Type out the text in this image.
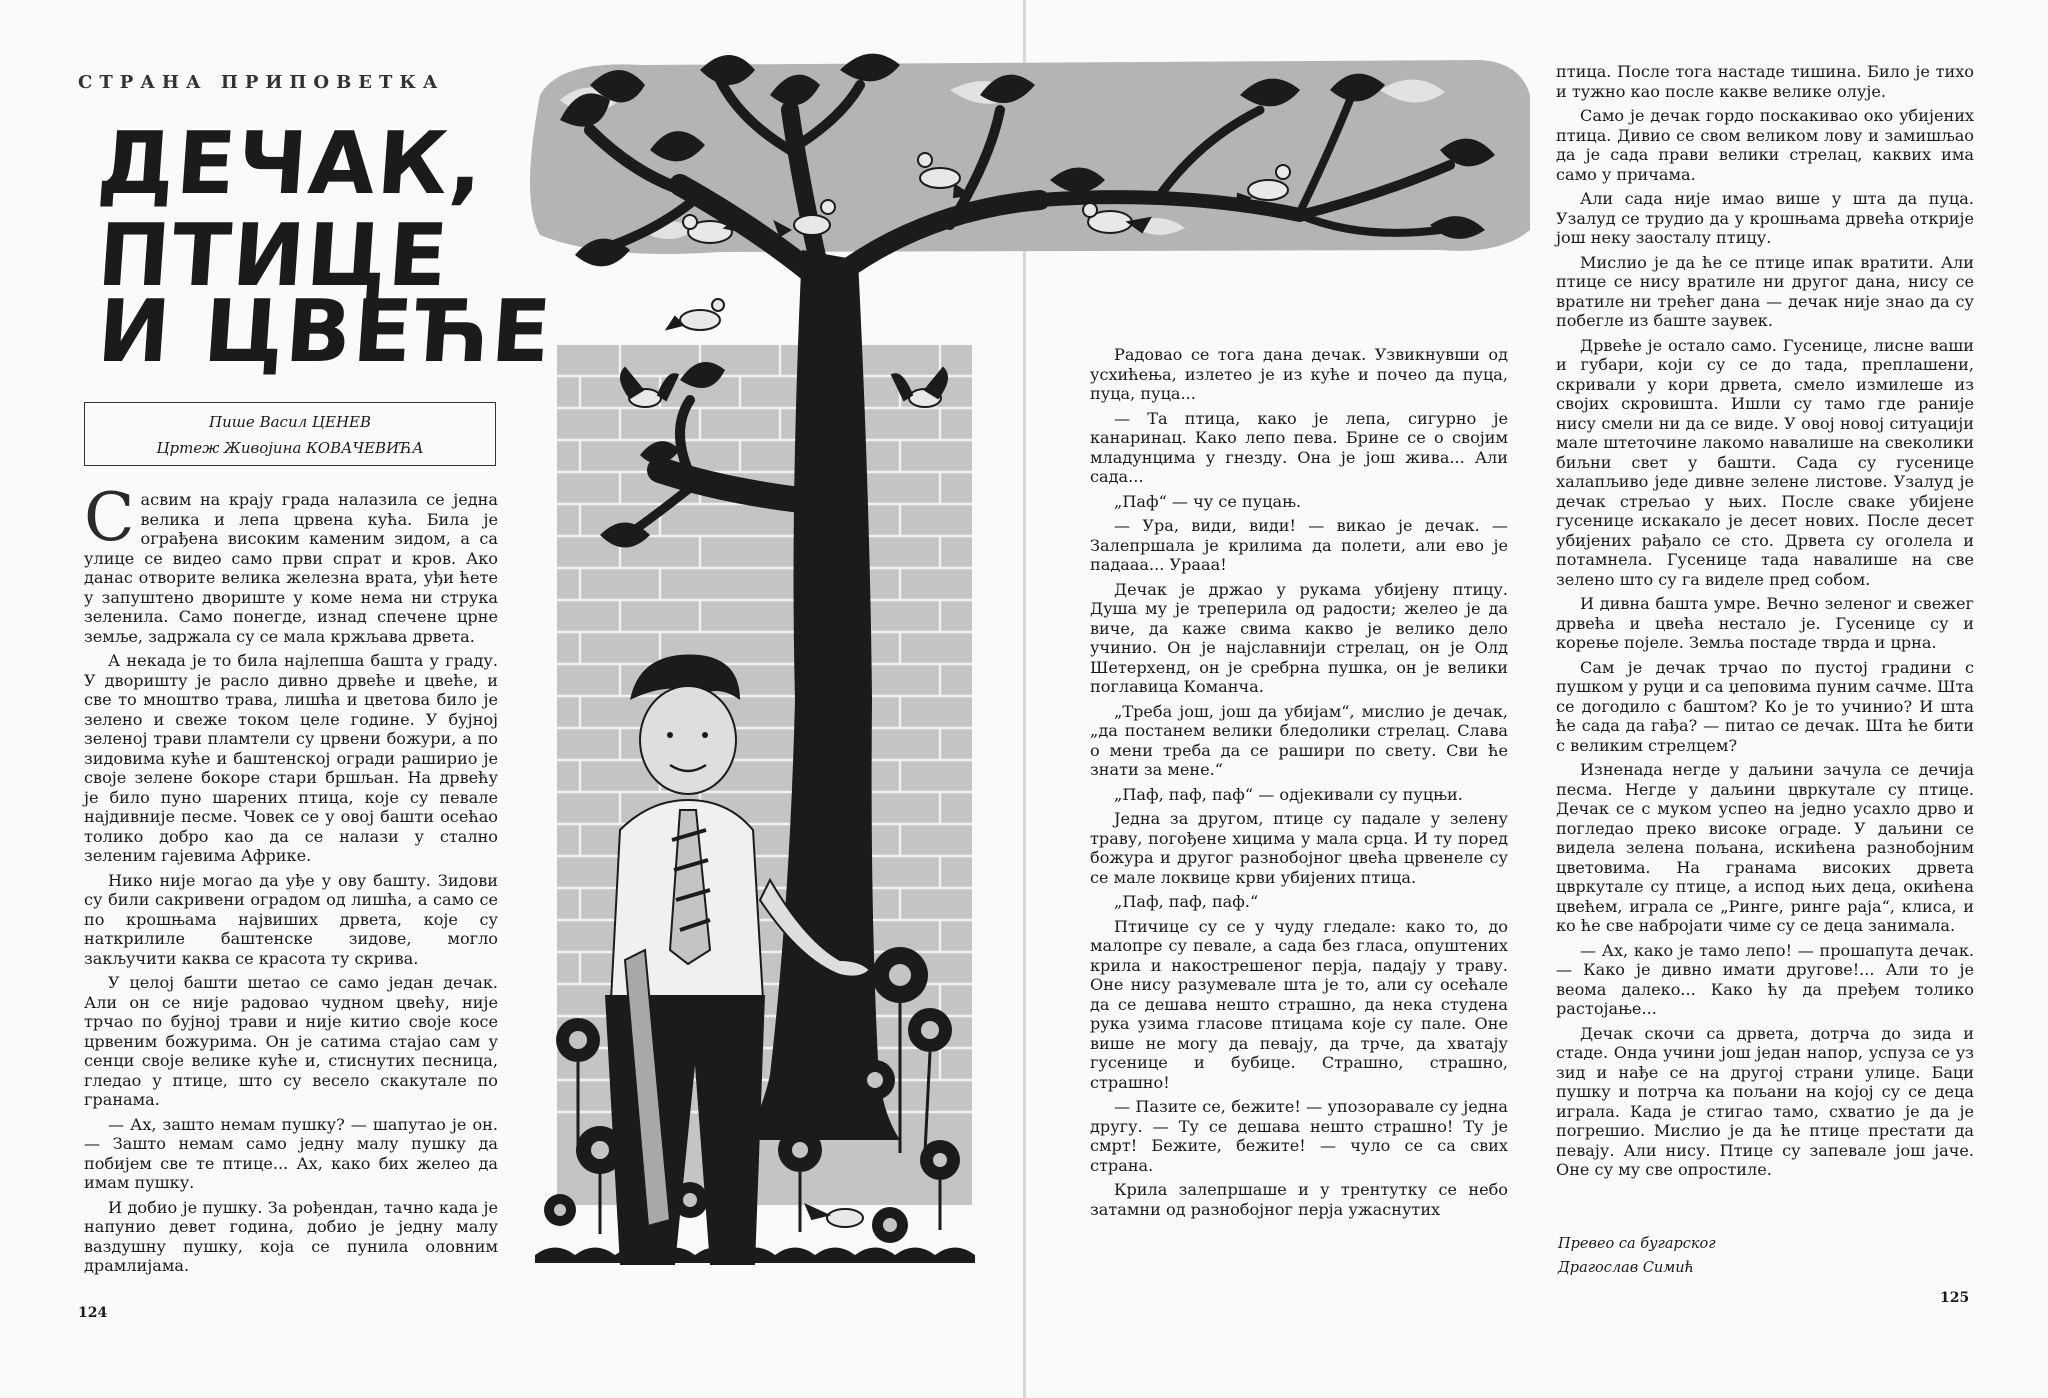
СТРАНА ПРИПОВЕТКА
ДЕЧАК,
ПТИЦЕ
И ЦВЕЋЕ
Пише Васил ЦЕНЕВ
Цртеж Живојина КОВАЧЕВИЋА

Сасвим на крају града налазила се једна велика и лепа црвена кућа. Била је ограђена високим каменим зидом, а са улице се видео само први спрат и кров. Ако данас отворите велика железна врата, уђи ћете у запуштено двориште у коме нема ни струка зеленила. Само понегде, изнад спечене црне земље, задржала су се мала кржљава дрвета.

А некада је то била најлепша башта у граду. У дворишту је расло дивно дрвеће и цвеће, и све то мноштво трава, лишћа и цветова било је зелено и свеже током целе године. У бујној зеленој трави пламтели су црвени божури, а по зидовима куће и баштенској огради раширио је своје зелене бокоре стари бршљан. На дрвећу је било пуно шарених птица, које су певале најдивније песме. Човек се у овој башти осећао толико добро као да се налази у стално зеленим гајевима Африке.

Нико није могао да уђе у ову башту. Зидови су били сакривени оградом од лишћа, а само се по крошњама највиших дрвета, које су наткрилиле баштенске зидове, могло закључити каква се красота ту скрива.

У целој башти шетао се само један дечак. Али он се није радовао чудном цвећу, није трчао по бујној трави и није китио своје косе црвеним божурима. Он је сатима стајао сам у сенци своје велике куће и, стиснутих песница, гледао у птице, што су весело скакутале по гранама.

— Ах, зашто немам пушку? — шапутао је он. — Зашто немам само једну малу пушку да побијем све те птице... Ах, како бих желео да имам пушку.

И добио је пушку. За рођендан, тачно када је напунио девет година, добио је једну малу ваздушну пушку, која се пунила оловним драмлијама.

Радовао се тога дана дечак. Узвикнувши од усхићења, излетео је из куће и почео да пуца, пуца, пуца...

— Та птица, како је лепа, сигурно је канаринац. Како лепо пева. Брине се о својим младунцима у гнезду. Она је још жива... Али сада...

„Паф“ — чу се пуцањ.

— Ура, види, види! — викао је дечак. — Залепршала је крилима да полети, али ево је падааа... Урааа!

Дечак је држао у рукама убијену птицу. Душа му је треперила од радости; желео је да виче, да каже свима какво је велико дело учинио. Он је најславнији стрелац, он је Олд Шетерхенд, он је сребрна пушка, он је велики поглавица Команча.

„Треба још, још да убијам“, мислио је дечак, „да постанем велики бледолики стрелац. Слава о мени треба да се рашири по свету. Сви ће знати за мене.“

„Паф, паф, паф“ — одјекивали су пуцњи.

Једна за другом, птице су падале у зелену траву, погођене хицима у мала срца. И ту поред божура и другог разнобојног цвећа црвенеле су се мале локвице крви убијених птица.

„Паф, паф, паф.“

Птичице су се у чуду гледале: како то, до малопре су певале, а сада без гласа, опуштених крила и накострешеног перја, падају у траву. Оне нису разумевале шта је то, али су осећале да се дешава нешто страшно, да нека студена рука узима гласове птицама које су пале. Оне више не могу да певају, да трче, да хватају гусенице и бубице. Страшно, страшно, страшно!

— Пазите се, бежите! — упозоравале су једна другу. — Ту се дешава нешто страшно! Ту је смрт! Бежите, бежите! — чуло се са свих страна.

Крила залепршаше и у трентутку се небо затамни од разнобојног перја ужаснутих

птица. После тога настаде тишина. Било је тихо и тужно као после какве велике олује.

Само је дечак гордо поскакивао око убијених птица. Дивио се свом великом лову и замишљао да је сада прави велики стрелац, каквих има само у причама.

Али сада није имао више у шта да пуца. Узалуд се трудио да у крошњама дрвећа открије још неку заосталу птицу.

Мислио је да ће се птице ипак вратити. Али птице се нису вратиле ни другог дана, нису се вратиле ни трећег дана — дечак није знао да су побегле из баште заувек.

Дрвеће је остало само. Гусенице, лисне ваши и губари, који су се до тада, преплашени, скривали у кори дрвета, смело измилеше из својих скровишта. Ишли су тамо где раније нису смели ни да се виде. У овој новој ситуацији мале штеточине лакомо навалише на свеколики биљни свет у башти. Сада су гусенице халапљиво једе дивне зелене листове. Узалуд је дечак стрељао у њих. После сваке убијене гусенице искакало је десет нових. После десет убијених рађало се сто. Дрвета су оголела и потамнела. Гусенице тада навалише на све зелено што су га виделе пред собом.

И дивна башта умре. Вечно зеленог и свежег дрвећа и цвећа нестало је. Гусенице су и корење појеле. Земља постаде тврда и црна.

Сам је дечак трчао по пустој градини с пушком у руци и са џеповима пуним сачме. Шта се догодило с баштом? Ко је то учинио? И шта ће сада да гађа? — питао се дечак. Шта ће бити с великим стрелцем?

Изненада негде у даљини зачула се дечија песма. Негде у даљини цвркутале су птице. Дечак се с муком успео на једно усахло дрво и погледао преко високе ограде. У даљини се видела зелена пољана, искићена разнобојним цветовима. На гранама високих дрвета цвркутале су птице, а испод њих деца, окићена цвећем, играла се „Ринге, ринге раја“, клиса, и ко ће све набројати чиме су се деца занимала.

— Ах, како је тамо лепо! — прошапута дечак. — Како је дивно имати другове!... Али то је веома далеко... Како ћу да пређем толико растојање...

Дечак скочи са дрвета, дотрча до зида и стаде. Онда учини још један напор, успуза се уз зид и нађе се на другој страни улице. Баци пушку и потрча ка пољани на којој су се деца играла. Када је стигао тамо, схватио је да је погрешио. Мислио је да ће птице престати да певају. Али нису. Птице су запевале још јаче. Оне су му све опростиле.

Превео са бугарског
Драгослав Симић
124
125
